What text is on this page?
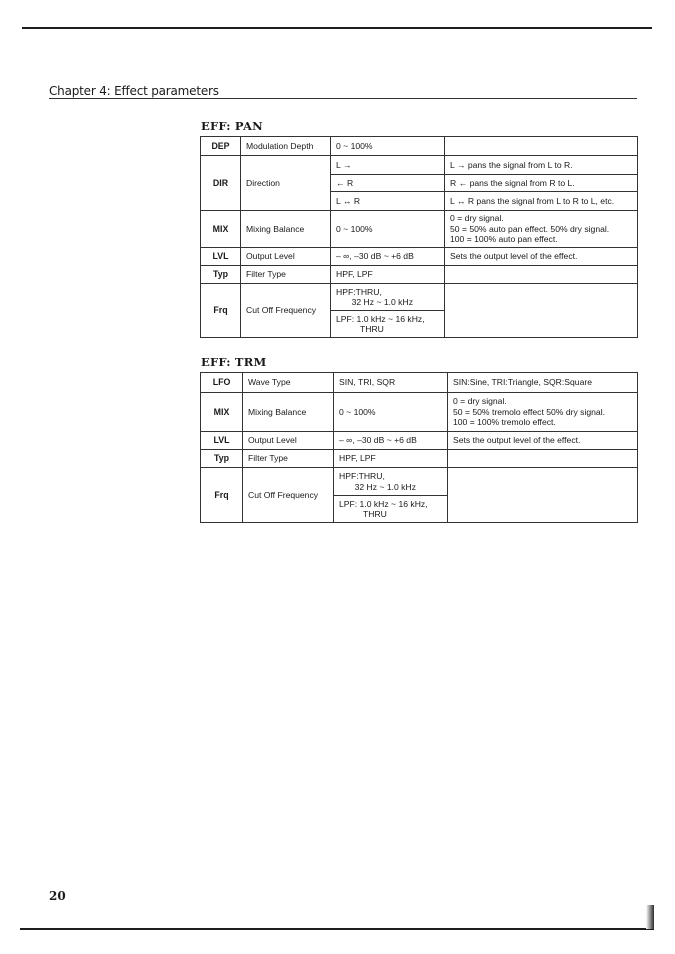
Chapter 4: Effect parameters
EFF: PAN
DEP	Modulation Depth	0 ~ 100%	
DIR	Direction	L →	L → pans the signal from L to R.
		← R	R ← pans the signal from R to L.
		L ↔ R	L ↔ R pans the signal from L to R to L, etc.
MIX	Mixing Balance	0 ~ 100%	0 = dry signal.
50 = 50% auto pan effect. 50% dry signal.
100 = 100% auto pan effect.

LVL	Output Level	– ∞, –30 dB ~ +6 dB	Sets the output level of the effect.
Typ	Filter Type	HPF, LPF	
Frq	Cut Off Frequency	HPF:THRU,
32 Hz ~ 1.0 kHz	

		LPF: 1.0 kHz ~ 16 kHz,
THRU	
EFF: TRM
LFO	Wave Type	SIN, TRI, SQR	SIN:Sine, TRI:Triangle, SQR:Square
MIX	Mixing Balance	0 ~ 100%	0 = dry signal.
50 = 50% tremolo effect 50% dry signal.
100 = 100% tremolo effect.

LVL	Output Level	– ∞, –30 dB ~ +6 dB	Sets the output level of the effect.
Typ	Filter Type	HPF, LPF	
Frq	Cut Off Frequency	HPF:THRU,
32 Hz ~ 1.0 kHz	

		LPF: 1.0 kHz ~ 16 kHz,
THRU	
20
